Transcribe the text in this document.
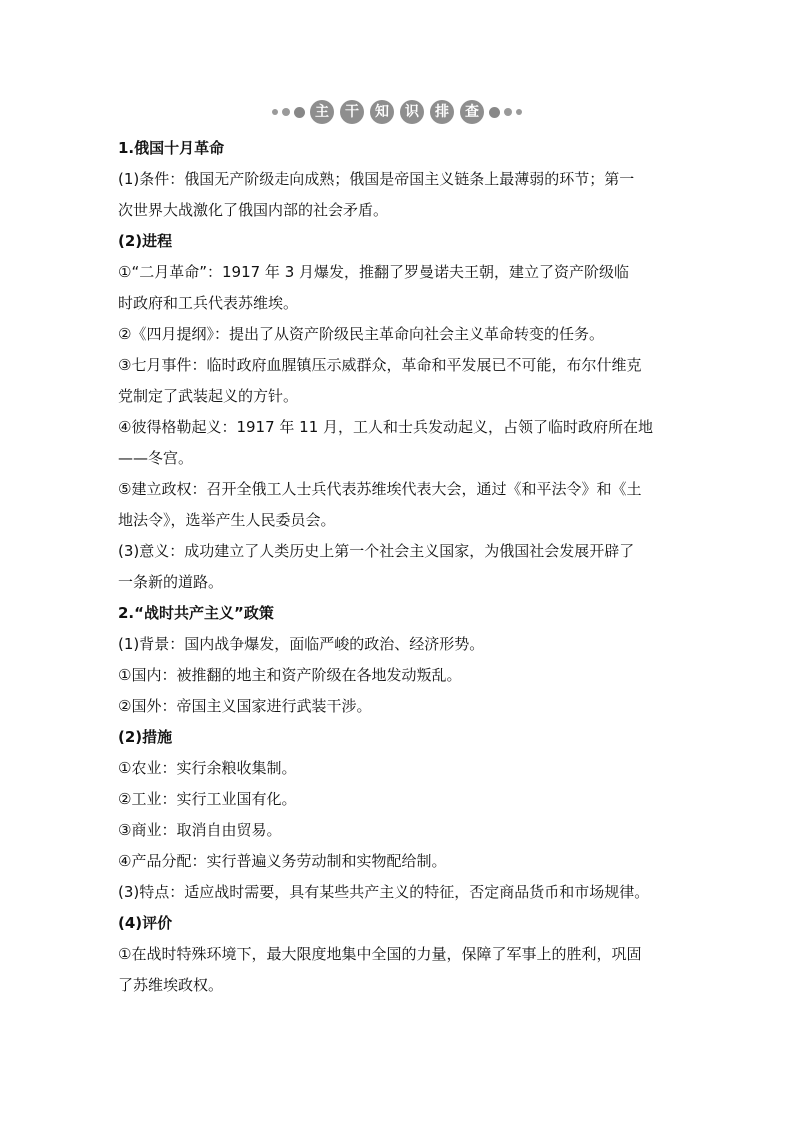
主	干	知	识	排	查
1.俄国十月革命
(1)条件：俄国无产阶级走向成熟；俄国是帝国主义链条上最薄弱的环节；第一
次世界大战激化了俄国内部的社会矛盾。
(2)进程
①“二月革命”：1917 年 3 月爆发，推翻了罗曼诺夫王朝，建立了资产阶级临
时政府和工兵代表苏维埃。
②《四月提纲》：提出了从资产阶级民主革命向社会主义革命转变的任务。
③七月事件：临时政府血腥镇压示威群众，革命和平发展已不可能，布尔什维克
党制定了武装起义的方针。
④彼得格勒起义：1917 年 11 月，工人和士兵发动起义，占领了临时政府所在地
——冬宫。
⑤建立政权：召开全俄工人士兵代表苏维埃代表大会，通过《和平法令》和《土
地法令》，选举产生人民委员会。
(3)意义：成功建立了人类历史上第一个社会主义国家，为俄国社会发展开辟了
一条新的道路。
2.“战时共产主义”政策
(1)背景：国内战争爆发，面临严峻的政治、经济形势。
①国内：被推翻的地主和资产阶级在各地发动叛乱。
②国外：帝国主义国家进行武装干涉。
(2)措施
①农业：实行余粮收集制。
②工业：实行工业国有化。
③商业：取消自由贸易。
④产品分配：实行普遍义务劳动制和实物配给制。
(3)特点：适应战时需要，具有某些共产主义的特征，否定商品货币和市场规律。
(4)评价
①在战时特殊环境下，最大限度地集中全国的力量，保障了军事上的胜利，巩固
了苏维埃政权。
